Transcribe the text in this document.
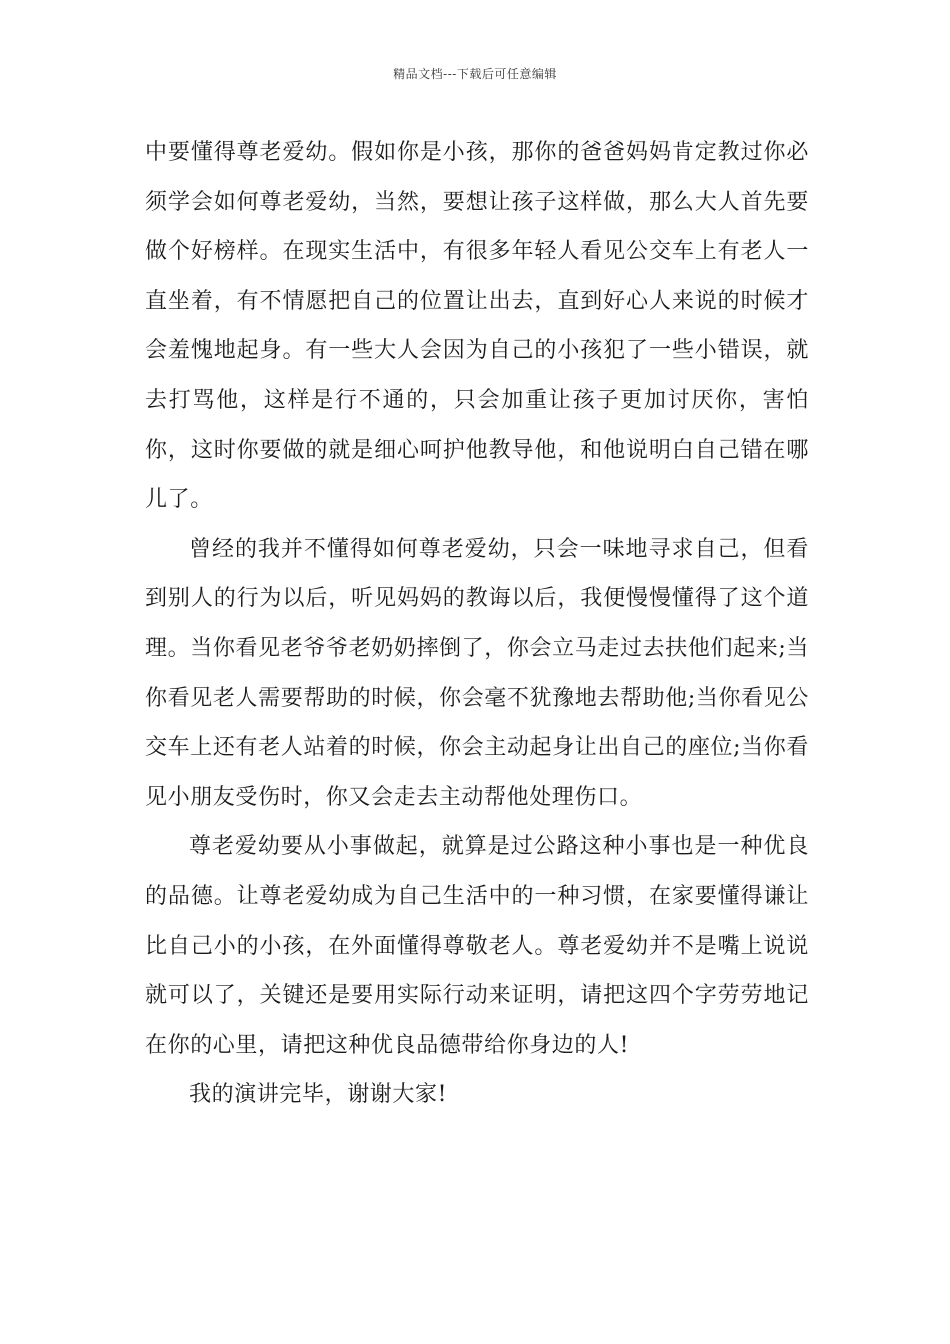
精品文档---下载后可任意编辑

中要懂得尊老爱幼。假如你是小孩，那你的爸爸妈妈肯定教过你必须学会如何尊老爱幼，当然，要想让孩子这样做，那么大人首先要做个好榜样。在现实生活中，有很多年轻人看见公交车上有老人一直坐着，有不情愿把自己的位置让出去，直到好心人来说的时候才会羞愧地起身。有一些大人会因为自己的小孩犯了一些小错误，就去打骂他，这样是行不通的，只会加重让孩子更加讨厌你，害怕你，这时你要做的就是细心呵护他教导他，和他说明白自己错在哪儿了。

曾经的我并不懂得如何尊老爱幼，只会一味地寻求自己，但看到别人的行为以后，听见妈妈的教诲以后，我便慢慢懂得了这个道理。当你看见老爷爷老奶奶摔倒了，你会立马走过去扶他们起来;当你看见老人需要帮助的时候，你会毫不犹豫地去帮助他;当你看见公交车上还有老人站着的时候，你会主动起身让出自己的座位;当你看见小朋友受伤时，你又会走去主动帮他处理伤口。

尊老爱幼要从小事做起，就算是过公路这种小事也是一种优良的品德。让尊老爱幼成为自己生活中的一种习惯，在家要懂得谦让比自己小的小孩，在外面懂得尊敬老人。尊老爱幼并不是嘴上说说就可以了，关键还是要用实际行动来证明，请把这四个字劳劳地记在你的心里，请把这种优良品德带给你身边的人!

我的演讲完毕，谢谢大家!
